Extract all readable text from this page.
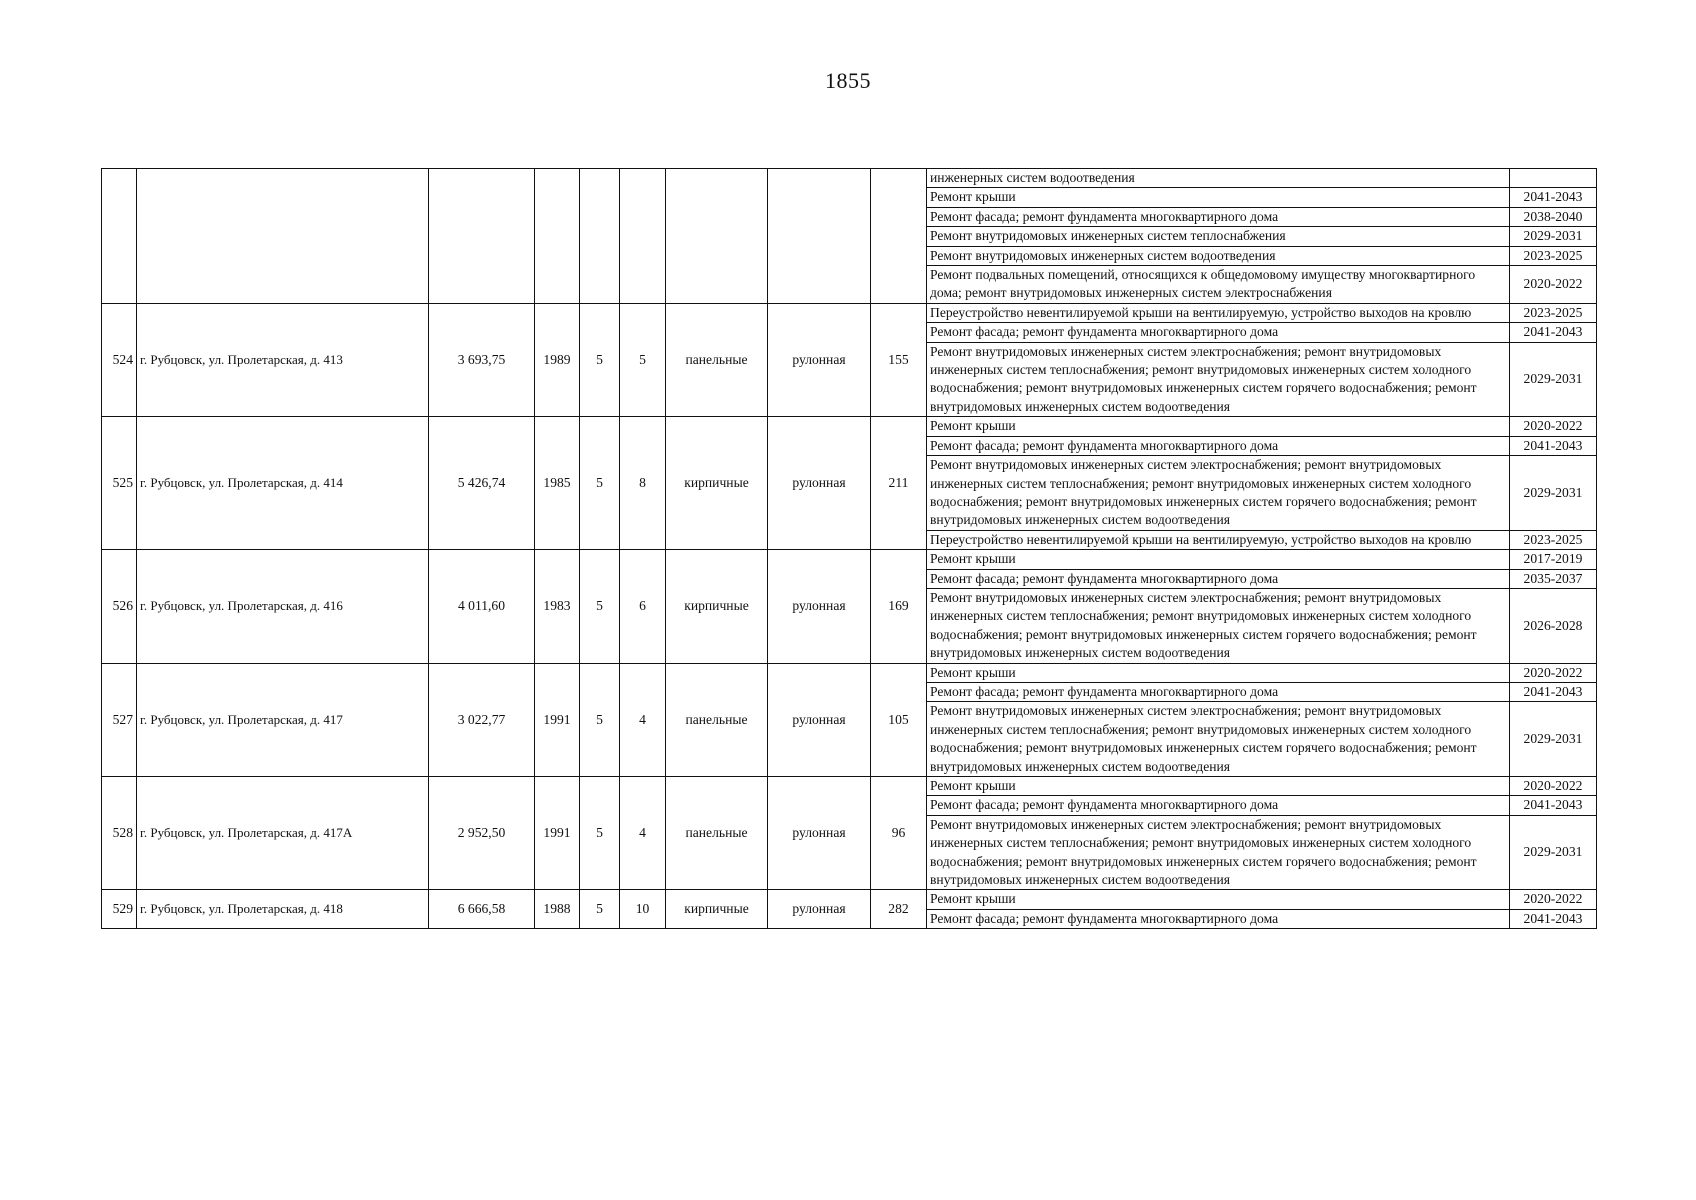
1855
									инженерных систем водоотведения	
									Ремонт крыши	2041-2043
									Ремонт фасада; ремонт фундамента многоквартирного дома	2038-2040
									Ремонт внутридомовых инженерных систем теплоснабжения	2029-2031
									Ремонт внутридомовых инженерных систем водоотведения	2023-2025
									Ремонт подвальных помещений, относящихся к общедомовому имуществу многоквартирного дома; ремонт внутридомовых инженерных систем электроснабжения	2020-2022
524	г. Рубцовск, ул. Пролетарская, д. 413	3 693,75	1989	5	5	панельные	рулонная	155	Переустройство невентилируемой крыши на вентилируемую, устройство выходов на кровлю	2023-2025
									Ремонт фасада; ремонт фундамента многоквартирного дома	2041-2043
									Ремонт внутридомовых инженерных систем электроснабжения; ремонт внутридомовых инженерных систем теплоснабжения; ремонт внутридомовых инженерных систем холодного водоснабжения; ремонт внутридомовых инженерных систем горячего водоснабжения; ремонт внутридомовых инженерных систем водоотведения	2029-2031
525	г. Рубцовск, ул. Пролетарская, д. 414	5 426,74	1985	5	8	кирпичные	рулонная	211	Ремонт крыши	2020-2022
									Ремонт фасада; ремонт фундамента многоквартирного дома	2041-2043
									Ремонт внутридомовых инженерных систем электроснабжения; ремонт внутридомовых инженерных систем теплоснабжения; ремонт внутридомовых инженерных систем холодного водоснабжения; ремонт внутридомовых инженерных систем горячего водоснабжения; ремонт внутридомовых инженерных систем водоотведения	2029-2031
									Переустройство невентилируемой крыши на вентилируемую, устройство выходов на кровлю	2023-2025
526	г. Рубцовск, ул. Пролетарская, д. 416	4 011,60	1983	5	6	кирпичные	рулонная	169	Ремонт крыши	2017-2019
									Ремонт фасада; ремонт фундамента многоквартирного дома	2035-2037
									Ремонт внутридомовых инженерных систем электроснабжения; ремонт внутридомовых инженерных систем теплоснабжения; ремонт внутридомовых инженерных систем холодного водоснабжения; ремонт внутридомовых инженерных систем горячего водоснабжения; ремонт внутридомовых инженерных систем водоотведения	2026-2028
527	г. Рубцовск, ул. Пролетарская, д. 417	3 022,77	1991	5	4	панельные	рулонная	105	Ремонт крыши	2020-2022
									Ремонт фасада; ремонт фундамента многоквартирного дома	2041-2043
									Ремонт внутридомовых инженерных систем электроснабжения; ремонт внутридомовых инженерных систем теплоснабжения; ремонт внутридомовых инженерных систем холодного водоснабжения; ремонт внутридомовых инженерных систем горячего водоснабжения; ремонт внутридомовых инженерных систем водоотведения	2029-2031
528	г. Рубцовск, ул. Пролетарская, д. 417А	2 952,50	1991	5	4	панельные	рулонная	96	Ремонт крыши	2020-2022
									Ремонт фасада; ремонт фундамента многоквартирного дома	2041-2043
									Ремонт внутридомовых инженерных систем электроснабжения; ремонт внутридомовых инженерных систем теплоснабжения; ремонт внутридомовых инженерных систем холодного водоснабжения; ремонт внутридомовых инженерных систем горячего водоснабжения; ремонт внутридомовых инженерных систем водоотведения	2029-2031
529	г. Рубцовск, ул. Пролетарская, д. 418	6 666,58	1988	5	10	кирпичные	рулонная	282	Ремонт крыши	2020-2022
									Ремонт фасада; ремонт фундамента многоквартирного дома	2041-2043
